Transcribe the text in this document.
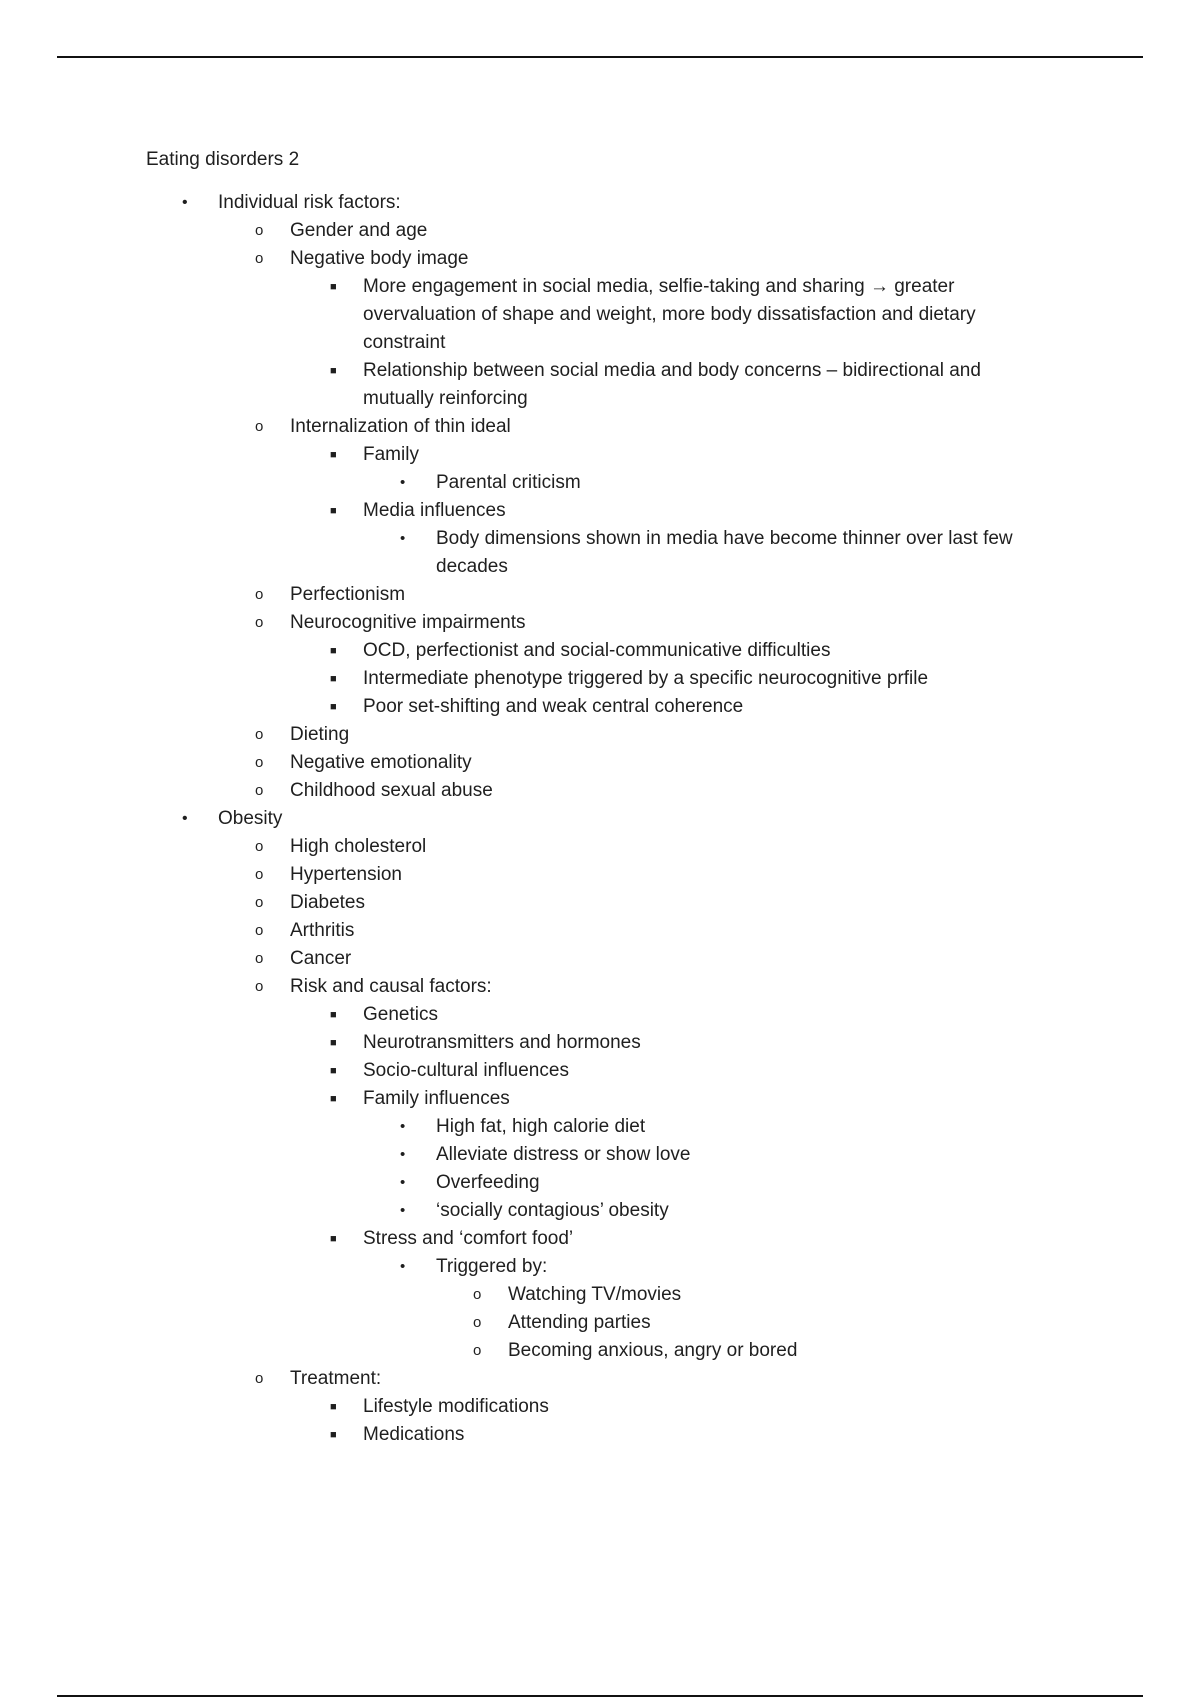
Eating disorders 2
• Individual risk factors:
o Gender and age
o Negative body image
■ More engagement in social media, selfie-taking and sharing → greater overvaluation of shape and weight, more body dissatisfaction and dietary constraint
■ Relationship between social media and body concerns – bidirectional and mutually reinforcing
o Internalization of thin ideal
■ Family
• Parental criticism
■ Media influences
• Body dimensions shown in media have become thinner over last few decades
o Perfectionism
o Neurocognitive impairments
■ OCD, perfectionist and social-communicative difficulties
■ Intermediate phenotype triggered by a specific neurocognitive prfile
■ Poor set-shifting and weak central coherence
o Dieting
o Negative emotionality
o Childhood sexual abuse
• Obesity
o High cholesterol
o Hypertension
o Diabetes
o Arthritis
o Cancer
o Risk and causal factors:
■ Genetics
■ Neurotransmitters and hormones
■ Socio-cultural influences
■ Family influences
• High fat, high calorie diet
• Alleviate distress or show love
• Overfeeding
• ‘socially contagious’ obesity
■ Stress and ‘comfort food’
• Triggered by:
o Watching TV/movies
o Attending parties
o Becoming anxious, angry or bored
o Treatment:
■ Lifestyle modifications
■ Medications
